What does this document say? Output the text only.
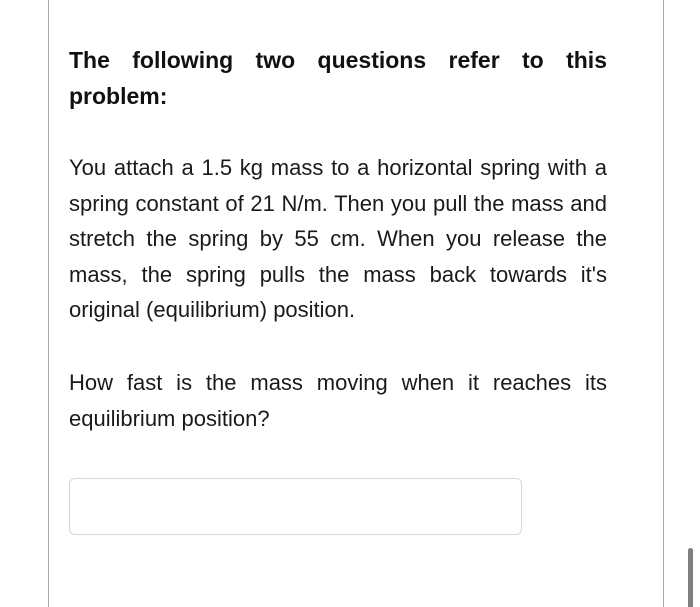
The following two questions refer to this problem:

You attach a 1.5 kg mass to a horizontal spring with a spring constant of 21 N/m. Then you pull the mass and stretch the spring by 55 cm. When you release the mass, the spring pulls the mass back towards it's original (equilibrium) position.

How fast is the mass moving when it reaches its equilibrium position?
